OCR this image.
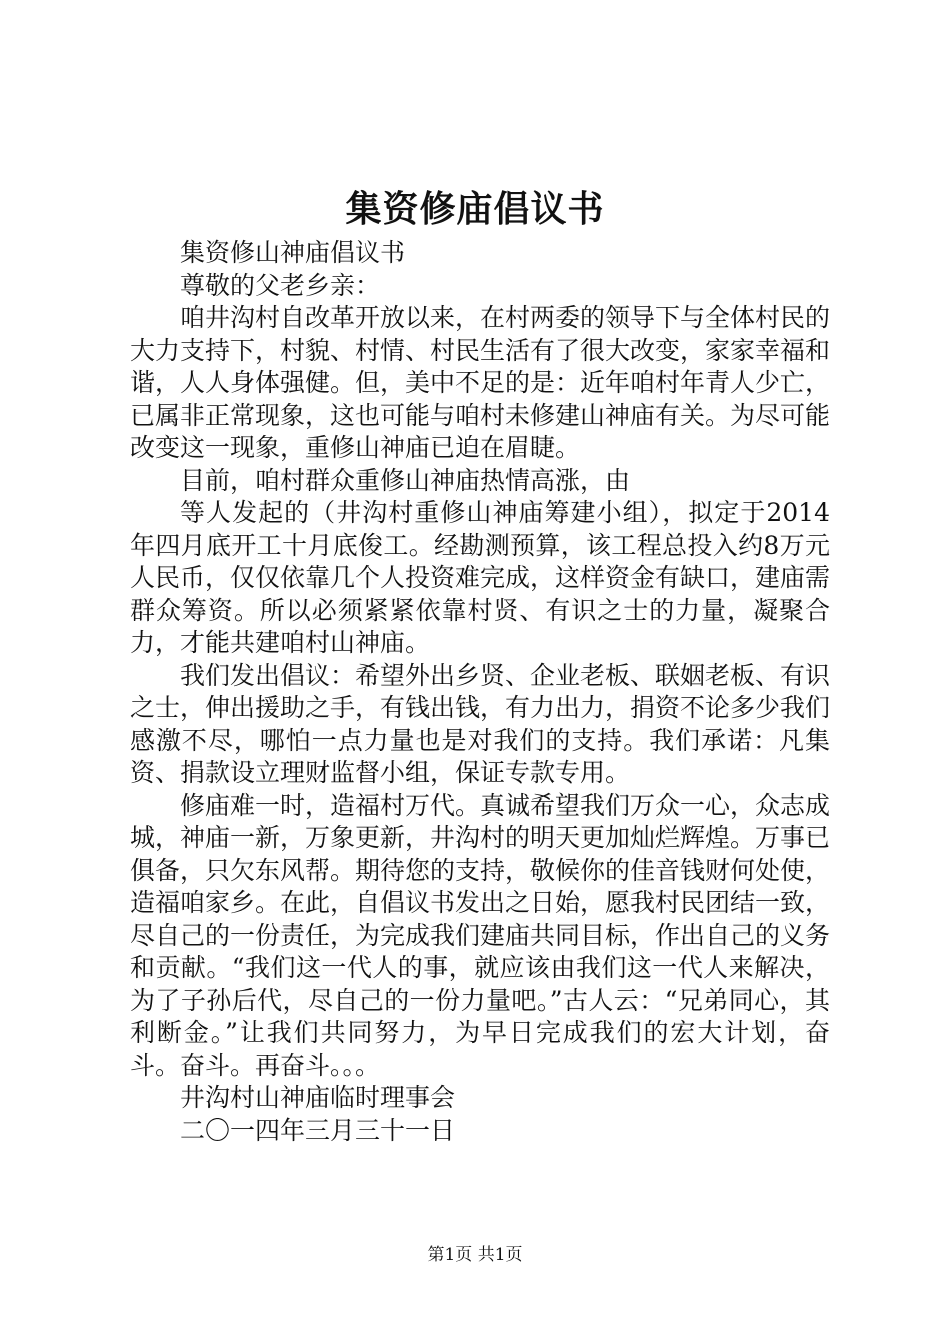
集资修庙倡议书

集资修山神庙倡议书

尊敬的父老乡亲：

咱井沟村自改革开放以来，在村两委的领导下与全体村民的大力支持下，村貌、村情、村民生活有了很大改变，家家幸福和谐，人人身体强健。但，美中不足的是：近年咱村年青人少亡，已属非正常现象，这也可能与咱村未修建山神庙有关。为尽可能改变这一现象，重修山神庙已迫在眉睫。

目前，咱村群众重修山神庙热情高涨，由

等人发起的（井沟村重修山神庙筹建小组），拟定于2014年四月底开工十月底俊工。经勘测预算，该工程总投入约8万元人民币，仅仅依靠几个人投资难完成，这样资金有缺口，建庙需群众筹资。所以必须紧紧依靠村贤、有识之士的力量，凝聚合力，才能共建咱村山神庙。

我们发出倡议：希望外出乡贤、企业老板、联姻老板、有识之士，伸出援助之手，有钱出钱，有力出力，捐资不论多少我们感激不尽，哪怕一点力量也是对我们的支持。我们承诺：凡集资、捐款设立理财监督小组，保证专款专用。

修庙难一时，造福村万代。真诚希望我们万众一心，众志成城，神庙一新，万象更新，井沟村的明天更加灿烂辉煌。万事已俱备，只欠东风帮。期待您的支持，敬候你的佳音钱财何处使，造福咱家乡。在此，自倡议书发出之日始，愿我村民团结一致，尽自己的一份责任，为完成我们建庙共同目标，作出自己的义务和贡献。“我们这一代人的事，就应该由我们这一代人来解决，为了子孙后代，尽自己的一份力量吧。”古人云：“兄弟同心，其利断金。”让我们共同努力，为早日完成我们的宏大计划，奋斗。奋斗。再奋斗。。。

井沟村山神庙临时理事会

二〇一四年三月三十一日

第1页 共1页
